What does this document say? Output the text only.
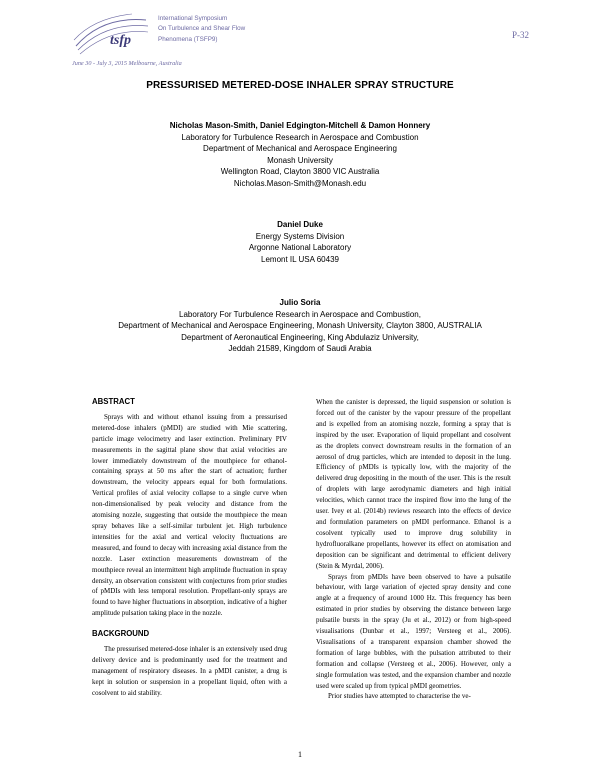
tsfp
International Symposium
On Turbulence and Shear Flow
Phenomena (TSFP9)
June 30 - July 3, 2015 Melbourne, Australia
P-32
PRESSURISED METERED-DOSE INHALER SPRAY STRUCTURE
Nicholas Mason-Smith, Daniel Edgington-Mitchell & Damon Honnery
Laboratory for Turbulence Research in Aerospace and Combustion
Department of Mechanical and Aerospace Engineering
Monash University
Wellington Road, Clayton 3800 VIC Australia
Nicholas.Mason-Smith@Monash.edu
Daniel Duke
Energy Systems Division
Argonne National Laboratory
Lemont IL USA 60439
Julio Soria
Laboratory For Turbulence Research in Aerospace and Combustion,
Department of Mechanical and Aerospace Engineering, Monash University, Clayton 3800, AUSTRALIA
Department of Aeronautical Engineering, King Abdulaziz University,
Jeddah 21589, Kingdom of Saudi Arabia
ABSTRACT

Sprays with and without ethanol issuing from a pressurised metered-dose inhalers (pMDI) are studied with Mie scattering, particle image velocimetry and laser extinction. Preliminary PIV measurements in the sagittal plane show that axial velocities are lower immediately downstream of the mouthpiece for ethanol-containing sprays at 50 ms after the start of actuation; further downstream, the velocity appears equal for both formulations. Vertical profiles of axial velocity collapse to a single curve when non-dimensionalised by peak velocity and distance from the atomising nozzle, suggesting that outside the mouthpiece the mean spray behaves like a self-similar turbulent jet. High turbulence intensities for the axial and vertical velocity fluctuations are measured, and found to decay with increasing axial distance from the nozzle. Laser extinction measurements downstream of the mouthpiece reveal an intermittent high amplitude fluctuation in spray density, an observation consistent with conjectures from prior studies of pMDIs with less temporal resolution. Propellant-only sprays are found to have higher fluctuations in absorption, indicative of a higher amplitude pulsation taking place in the nozzle.

BACKGROUND

The pressurised metered-dose inhaler is an extensively used drug delivery device and is predominantly used for the treatment and management of respiratory diseases. In a pMDI canister, a drug is kept in solution or suspension in a propellant liquid, often with a cosolvent to aid stability.

When the canister is depressed, the liquid suspension or solution is forced out of the canister by the vapour pressure of the propellant and is expelled from an atomising nozzle, forming a spray that is inspired by the user. Evaporation of liquid propellant and cosolvent as the droplets convect downstream results in the formation of an aerosol of drug particles, which are intended to deposit in the lung. Efficiency of pMDIs is typically low, with the majority of the delivered drug depositing in the mouth of the user. This is the result of droplets with large aerodynamic diameters and high initial velocities, which cannot trace the inspired flow into the lung of the user. Ivey et al. (2014b) reviews research into the effects of device and formulation parameters on pMDI performance. Ethanol is a cosolvent typically used to improve drug solubility in hydrofluoralkane propellants, however its effect on atomisation and deposition can be significant and detrimental to efficient delivery (Stein & Myrdal, 2006).

Sprays from pMDIs have been observed to have a pulsatile behaviour, with large variation of ejected spray density and cone angle at a frequency of around 1000 Hz. This frequency has been estimated in prior studies by observing the distance between large pulsatile bursts in the spray (Ju et al., 2012) or from high-speed visualisations (Dunbar et al., 1997; Versteeg et al., 2006). Visualisations of a transparent expansion chamber showed the formation of large bubbles, with the pulsation attributed to their formation and collapse (Versteeg et al., 2006). However, only a single formulation was tested, and the expansion chamber and nozzle used were scaled up from typical pMDI geometries.

Prior studies have attempted to characterise the ve-

1
